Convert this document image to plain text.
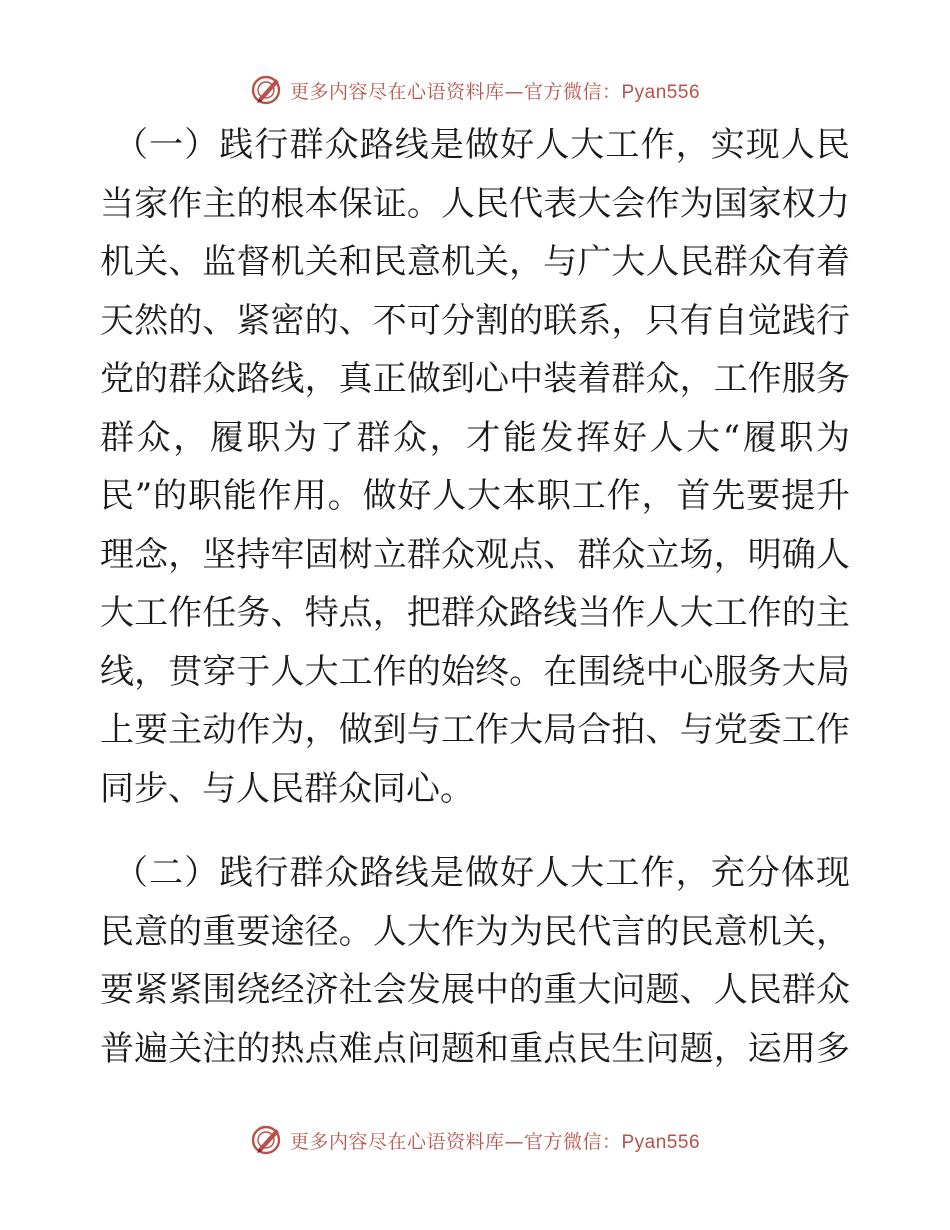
更多内容尽在心语资料库—官方微信：Pyan556
（一）践行群众路线是做好人大工作，实现人民
当家作主的根本保证。人民代表大会作为国家权力
机关、监督机关和民意机关，与广大人民群众有着
天然的、紧密的、不可分割的联系，只有自觉践行
党的群众路线，真正做到心中装着群众，工作服务
群众，履职为了群众，才能发挥好人大“履职为
民”的职能作用。做好人大本职工作，首先要提升
理念，坚持牢固树立群众观点、群众立场，明确人
大工作任务、特点，把群众路线当作人大工作的主
线，贯穿于人大工作的始终。在围绕中心服务大局
上要主动作为，做到与工作大局合拍、与党委工作
同步、与人民群众同心。
（二）践行群众路线是做好人大工作，充分体现
民意的重要途径。人大作为为民代言的民意机关，
要紧紧围绕经济社会发展中的重大问题、人民群众
普遍关注的热点难点问题和重点民生问题，运用多
更多内容尽在心语资料库—官方微信：Pyan556
